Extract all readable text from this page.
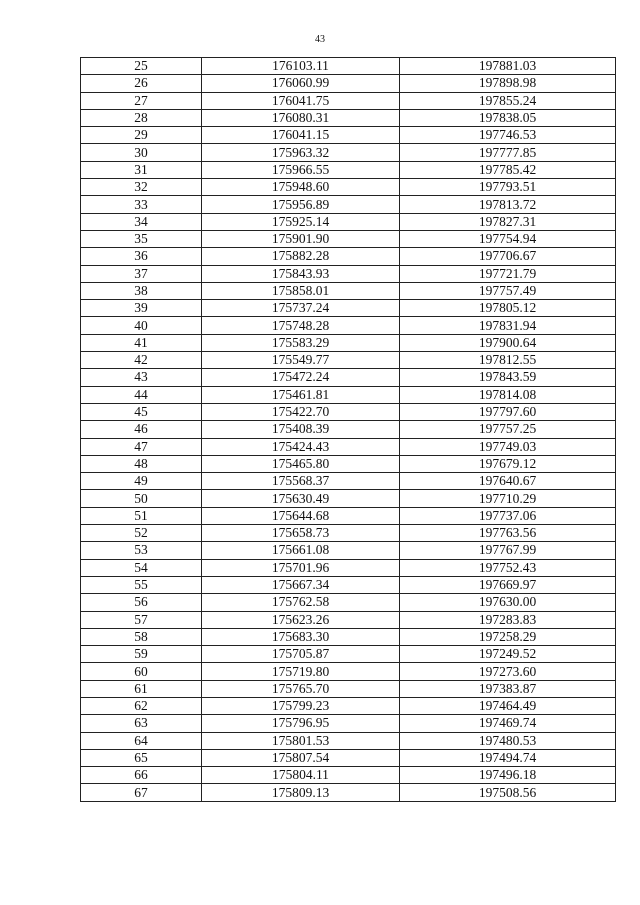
43
25	176103.11	197881.03
26	176060.99	197898.98
27	176041.75	197855.24
28	176080.31	197838.05
29	176041.15	197746.53
30	175963.32	197777.85
31	175966.55	197785.42
32	175948.60	197793.51
33	175956.89	197813.72
34	175925.14	197827.31
35	175901.90	197754.94
36	175882.28	197706.67
37	175843.93	197721.79
38	175858.01	197757.49
39	175737.24	197805.12
40	175748.28	197831.94
41	175583.29	197900.64
42	175549.77	197812.55
43	175472.24	197843.59
44	175461.81	197814.08
45	175422.70	197797.60
46	175408.39	197757.25
47	175424.43	197749.03
48	175465.80	197679.12
49	175568.37	197640.67
50	175630.49	197710.29
51	175644.68	197737.06
52	175658.73	197763.56
53	175661.08	197767.99
54	175701.96	197752.43
55	175667.34	197669.97
56	175762.58	197630.00
57	175623.26	197283.83
58	175683.30	197258.29
59	175705.87	197249.52
60	175719.80	197273.60
61	175765.70	197383.87
62	175799.23	197464.49
63	175796.95	197469.74
64	175801.53	197480.53
65	175807.54	197494.74
66	175804.11	197496.18
67	175809.13	197508.56
